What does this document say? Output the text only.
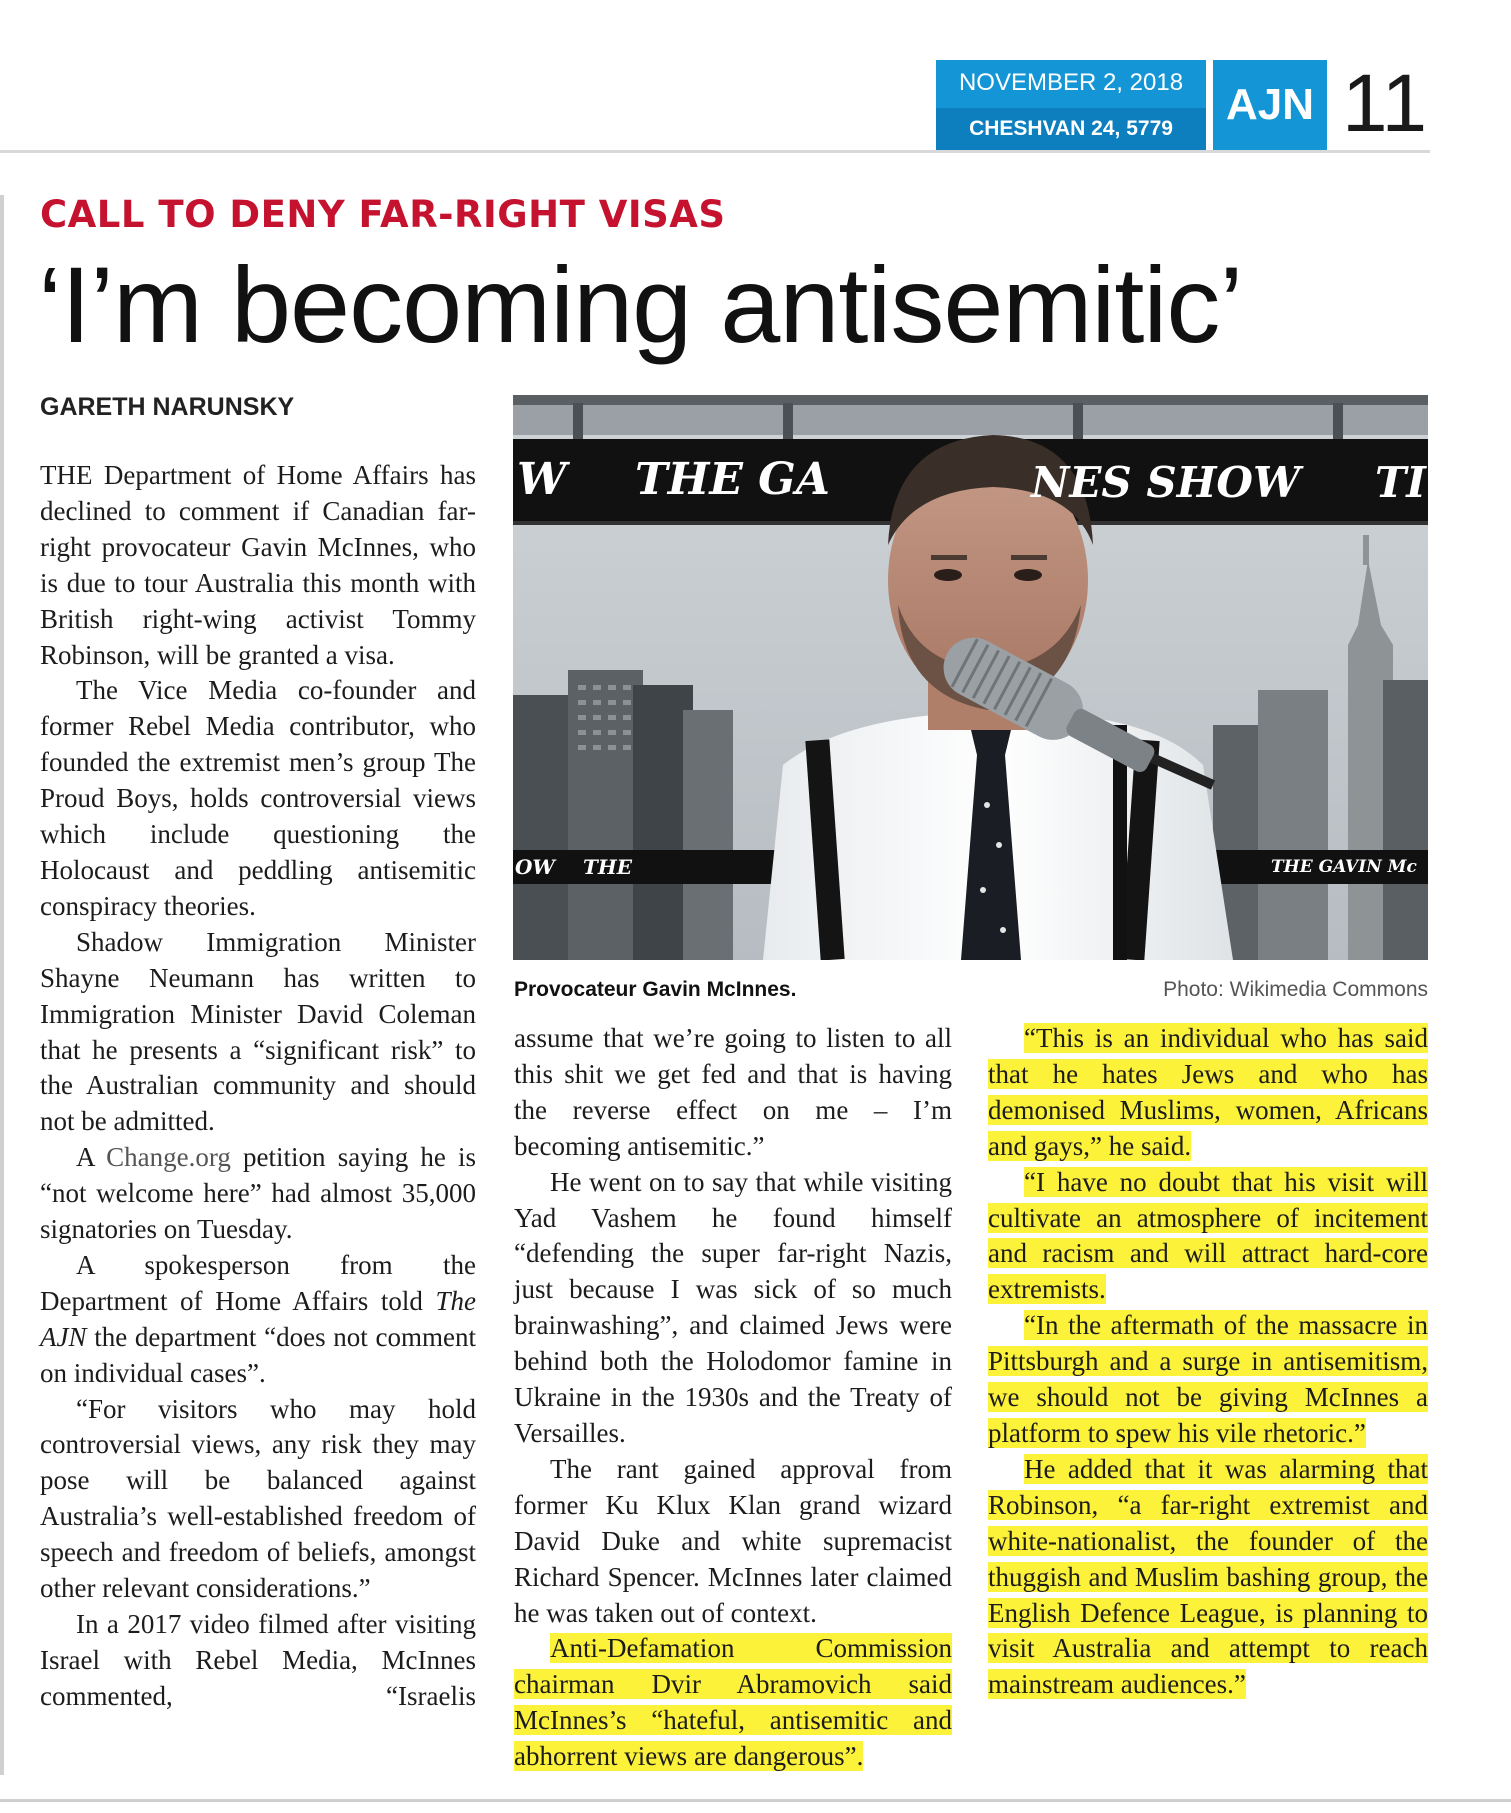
NOVEMBER 2, 2018
CHESHVAN 24, 5779	AJN 11
CALL TO DENY FAR-RIGHT VISAS
‘I’m becoming antisemitic’
GARETH NARUNSKY
W THE GA	NES SHOW TI
OW THE	THE GAVIN Mc
Provocateur Gavin McInnes.	Photo: Wikimedia Commons

THE Department of Home Affairs has declined to comment if Canadian far-right provocateur Gavin McInnes, who is due to tour Australia this month with British right-wing activist Tommy Robinson, will be granted a visa.

The Vice Media co-founder and former Rebel Media contributor, who founded the extremist men’s group The Proud Boys, holds controversial views which include questioning the Holocaust and peddling antisemitic conspiracy theories.

Shadow Immigration Minister Shayne Neumann has written to Immigration Minister David Coleman that he presents a “significant risk” to the Australian community and should not be admitted.

A Change.org petition saying he is “not welcome here” had almost 35,000 signatories on Tuesday.

A spokesperson from the Department of Home Affairs told The AJN the department “does not comment on individual cases”.

“For visitors who may hold controversial views, any risk they may pose will be balanced against Australia’s well-established freedom of speech and freedom of beliefs, amongst other relevant considerations.”

In a 2017 video filmed after visiting Israel with Rebel Media, McInnes commented, “Israelis

assume that we’re going to listen to all this shit we get fed and that is having the reverse effect on me – I’m becoming antisemitic.”

He went on to say that while visiting Yad Vashem he found himself “defending the super far-right Nazis, just because I was sick of so much brainwashing”, and claimed Jews were behind both the Holodomor famine in Ukraine in the 1930s and the Treaty of Versailles.

The rant gained approval from former Ku Klux Klan grand wizard David Duke and white supremacist Richard Spencer. McInnes later claimed he was taken out of context.

Anti-Defamation Commission chairman Dvir Abramovich said McInnes’s “hateful, antisemitic and abhorrent views are dangerous”.

“This is an individual who has said that he hates Jews and who has demonised Muslims, women, Africans and gays,” he said.

“I have no doubt that his visit will cultivate an atmosphere of incitement and racism and will attract hard-core extremists.

“In the aftermath of the massacre in Pittsburgh and a surge in antisemitism, we should not be giving McInnes a platform to spew his vile rhetoric.”

He added that it was alarming that Robinson, “a far-right extremist and white-nationalist, the founder of the thuggish and Muslim bashing group, the English Defence League, is planning to visit Australia and attempt to reach mainstream audiences.”
